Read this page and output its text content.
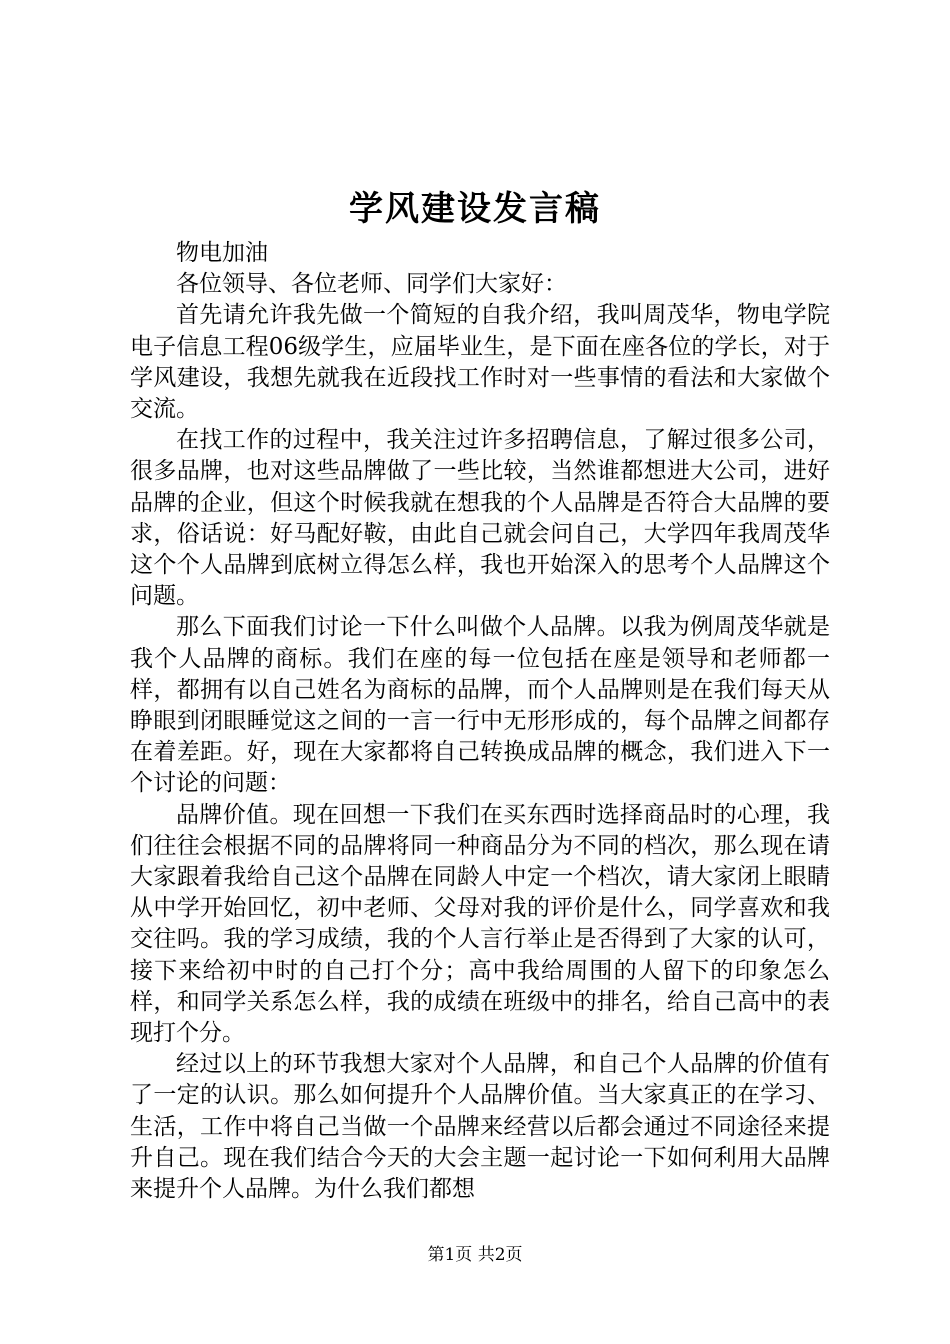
学风建设发言稿

物电加油

各位领导、各位老师、同学们大家好：

首先请允许我先做一个简短的自我介绍，我叫周茂华，物电学院电子信息工程06级学生，应届毕业生，是下面在座各位的学长，对于学风建设，我想先就我在近段找工作时对一些事情的看法和大家做个交流。

在找工作的过程中，我关注过许多招聘信息，了解过很多公司，很多品牌，也对这些品牌做了一些比较，当然谁都想进大公司，进好品牌的企业，但这个时候我就在想我的个人品牌是否符合大品牌的要求，俗话说：好马配好鞍，由此自己就会问自己，大学四年我周茂华这个个人品牌到底树立得怎么样，我也开始深入的思考个人品牌这个问题。

那么下面我们讨论一下什么叫做个人品牌。以我为例周茂华就是我个人品牌的商标。我们在座的每一位包括在座是领导和老师都一样，都拥有以自己姓名为商标的品牌，而个人品牌则是在我们每天从睁眼到闭眼睡觉这之间的一言一行中无形形成的，每个品牌之间都存在着差距。好，现在大家都将自己转换成品牌的概念，我们进入下一个讨论的问题：

品牌价值。现在回想一下我们在买东西时选择商品时的心理，我们往往会根据不同的品牌将同一种商品分为不同的档次，那么现在请大家跟着我给自己这个品牌在同龄人中定一个档次，请大家闭上眼睛从中学开始回忆，初中老师、父母对我的评价是什么，同学喜欢和我交往吗。我的学习成绩，我的个人言行举止是否得到了大家的认可，接下来给初中时的自己打个分；高中我给周围的人留下的印象怎么样，和同学关系怎么样，我的成绩在班级中的排名，给自己高中的表现打个分。

经过以上的环节我想大家对个人品牌，和自己个人品牌的价值有了一定的认识。那么如何提升个人品牌价值。当大家真正的在学习、生活，工作中将自己当做一个品牌来经营以后都会通过不同途径来提升自己。现在我们结合今天的大会主题一起讨论一下如何利用大品牌来提升个人品牌。为什么我们都想

第1页 共2页
